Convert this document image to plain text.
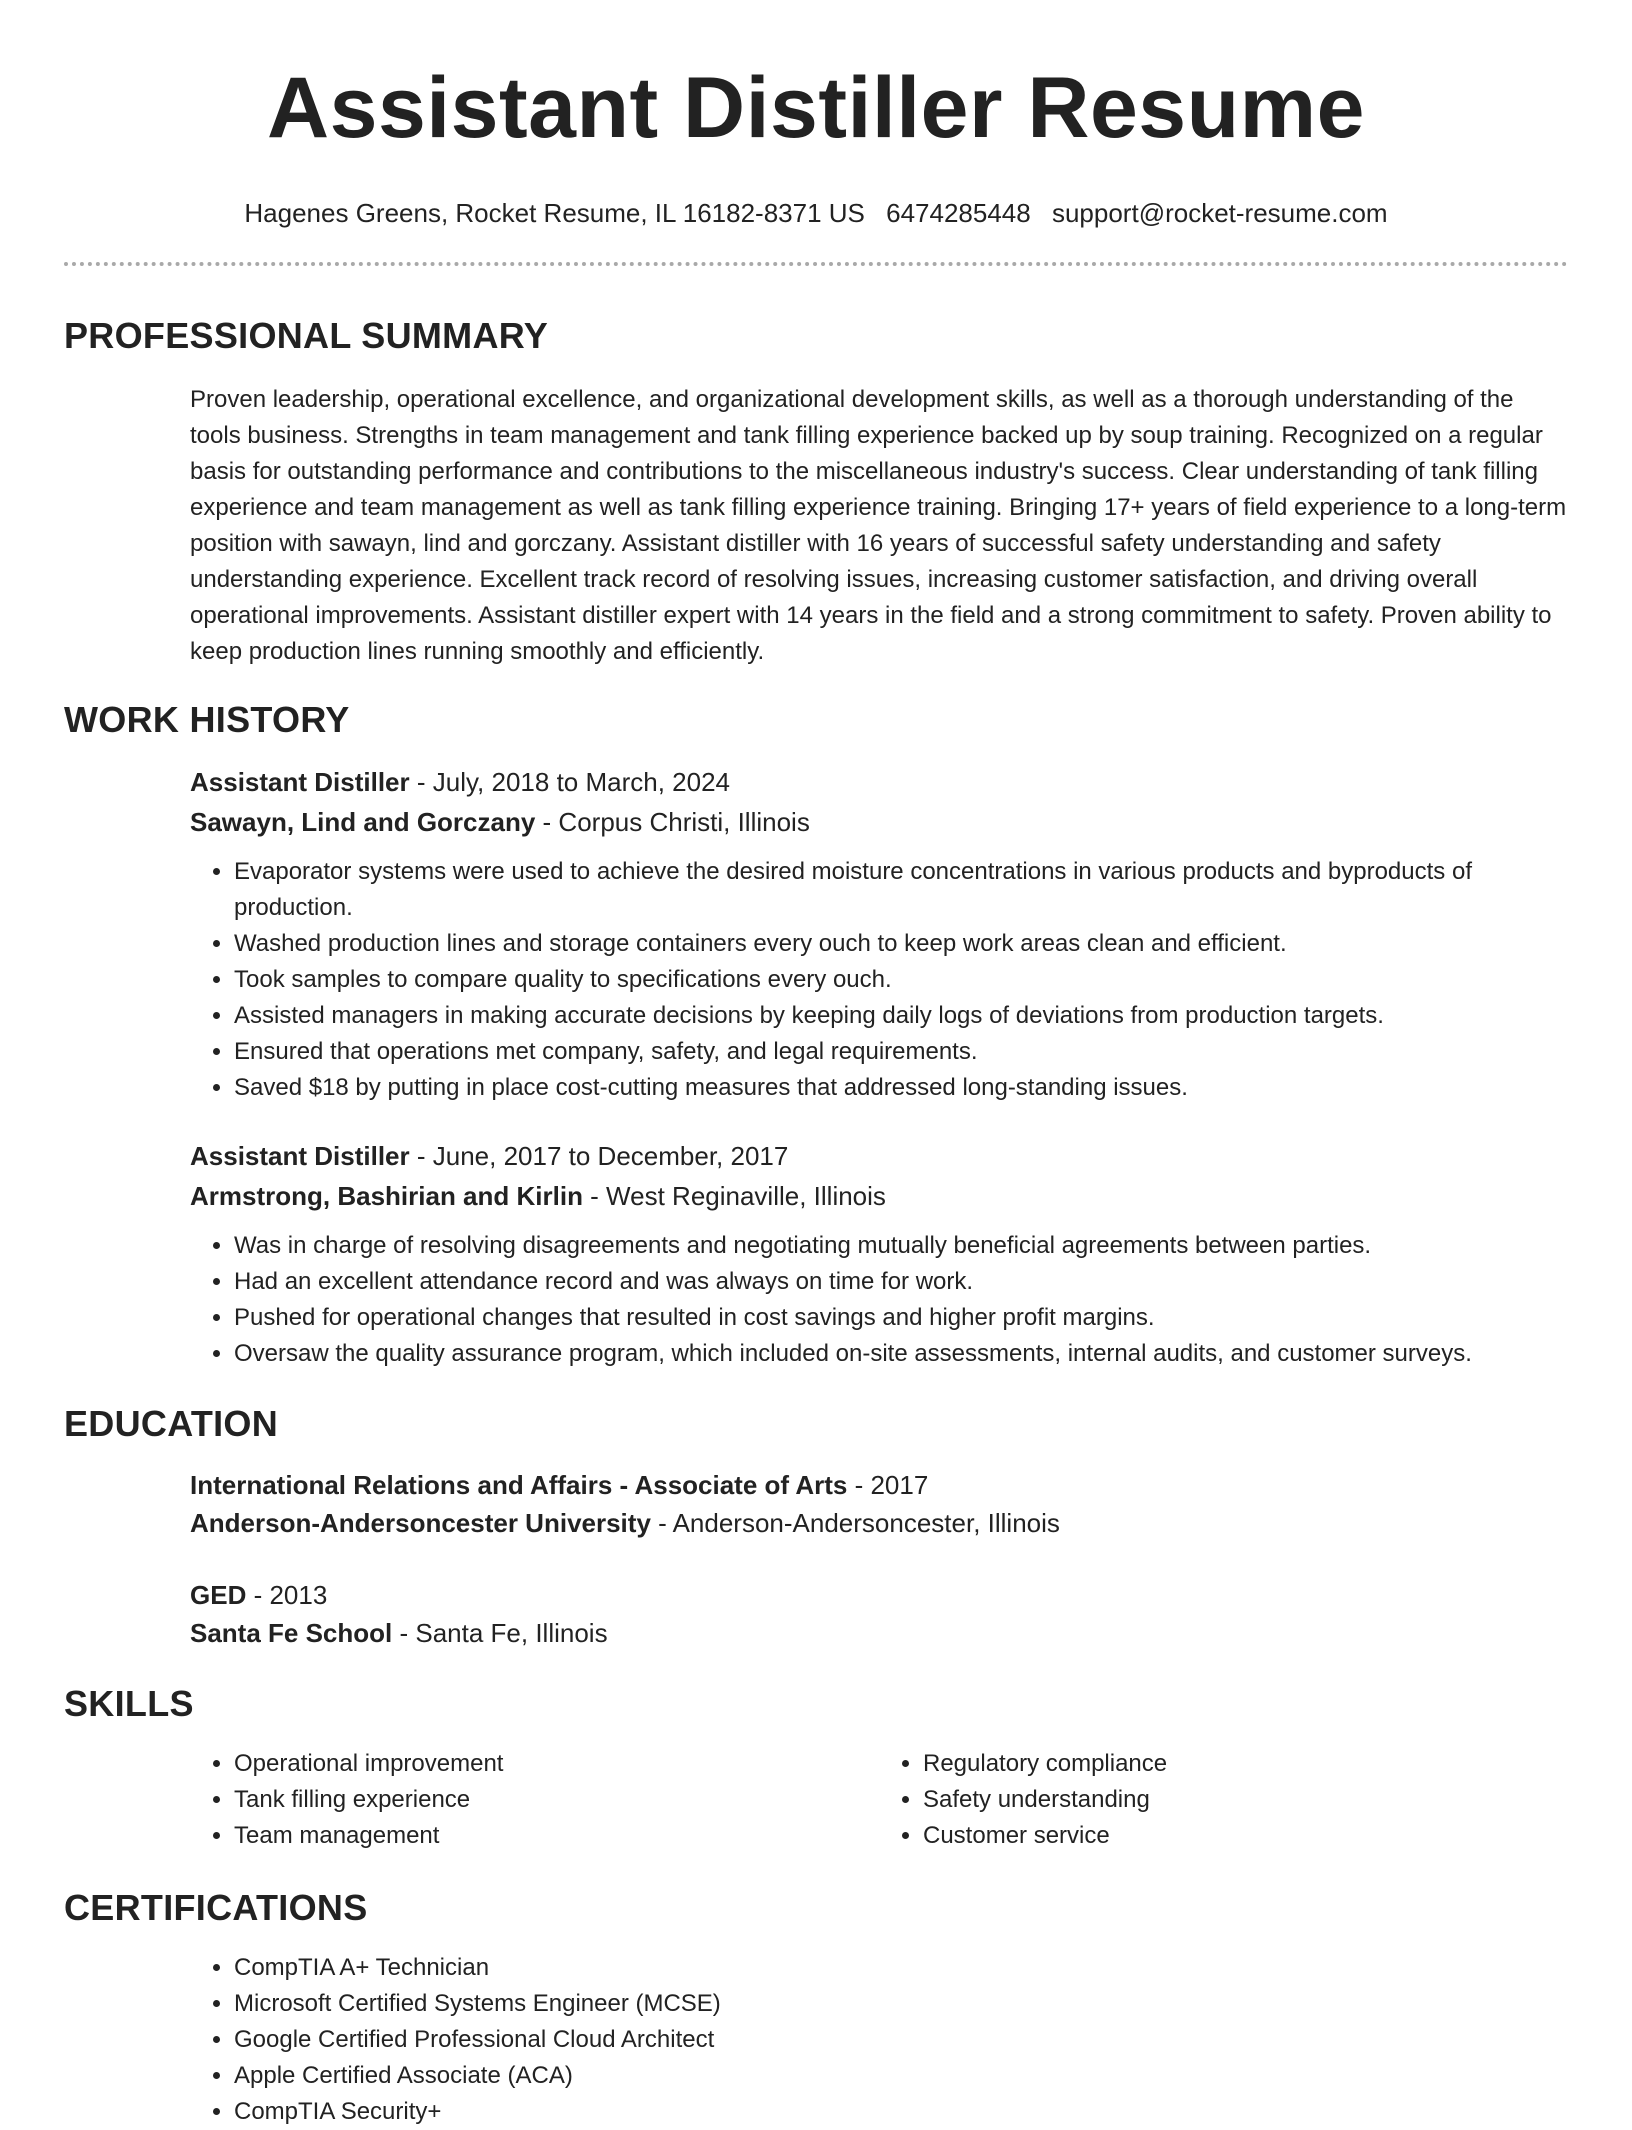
Assistant Distiller Resume
Hagenes Greens, Rocket Resume, IL 16182-8371 US 6474285448 support@rocket-resume.com
PROFESSIONAL SUMMARY

Proven leadership, operational excellence, and organizational development skills, as well as a thorough understanding of the tools business. Strengths in team management and tank filling experience backed up by soup training. Recognized on a regular basis for outstanding performance and contributions to the miscellaneous industry's success. Clear understanding of tank filling experience and team management as well as tank filling experience training. Bringing 17+ years of field experience to a long-term position with sawayn, lind and gorczany. Assistant distiller with 16 years of successful safety understanding and safety understanding experience. Excellent track record of resolving issues, increasing customer satisfaction, and driving overall operational improvements. Assistant distiller expert with 14 years in the field and a strong commitment to safety. Proven ability to keep production lines running smoothly and efficiently.

WORK HISTORY
Assistant Distiller - July, 2018 to March, 2024
Sawayn, Lind and Gorczany - Corpus Christi, Illinois
• Evaporator systems were used to achieve the desired moisture concentrations in various products and byproducts of production.
• Washed production lines and storage containers every ouch to keep work areas clean and efficient.
• Took samples to compare quality to specifications every ouch.
• Assisted managers in making accurate decisions by keeping daily logs of deviations from production targets.
• Ensured that operations met company, safety, and legal requirements.
• Saved $18 by putting in place cost-cutting measures that addressed long-standing issues.
Assistant Distiller - June, 2017 to December, 2017
Armstrong, Bashirian and Kirlin - West Reginaville, Illinois
• Was in charge of resolving disagreements and negotiating mutually beneficial agreements between parties.
• Had an excellent attendance record and was always on time for work.
• Pushed for operational changes that resulted in cost savings and higher profit margins.
• Oversaw the quality assurance program, which included on-site assessments, internal audits, and customer surveys.
EDUCATION
International Relations and Affairs - Associate of Arts - 2017
Anderson-Andersoncester University - Anderson-Andersoncester, Illinois
GED - 2013
Santa Fe School - Santa Fe, Illinois
SKILLS
• Operational improvement
• Tank filling experience
• Team management
• Regulatory compliance
• Safety understanding
• Customer service
CERTIFICATIONS
• CompTIA A+ Technician
• Microsoft Certified Systems Engineer (MCSE)
• Google Certified Professional Cloud Architect
• Apple Certified Associate (ACA)
• CompTIA Security+
